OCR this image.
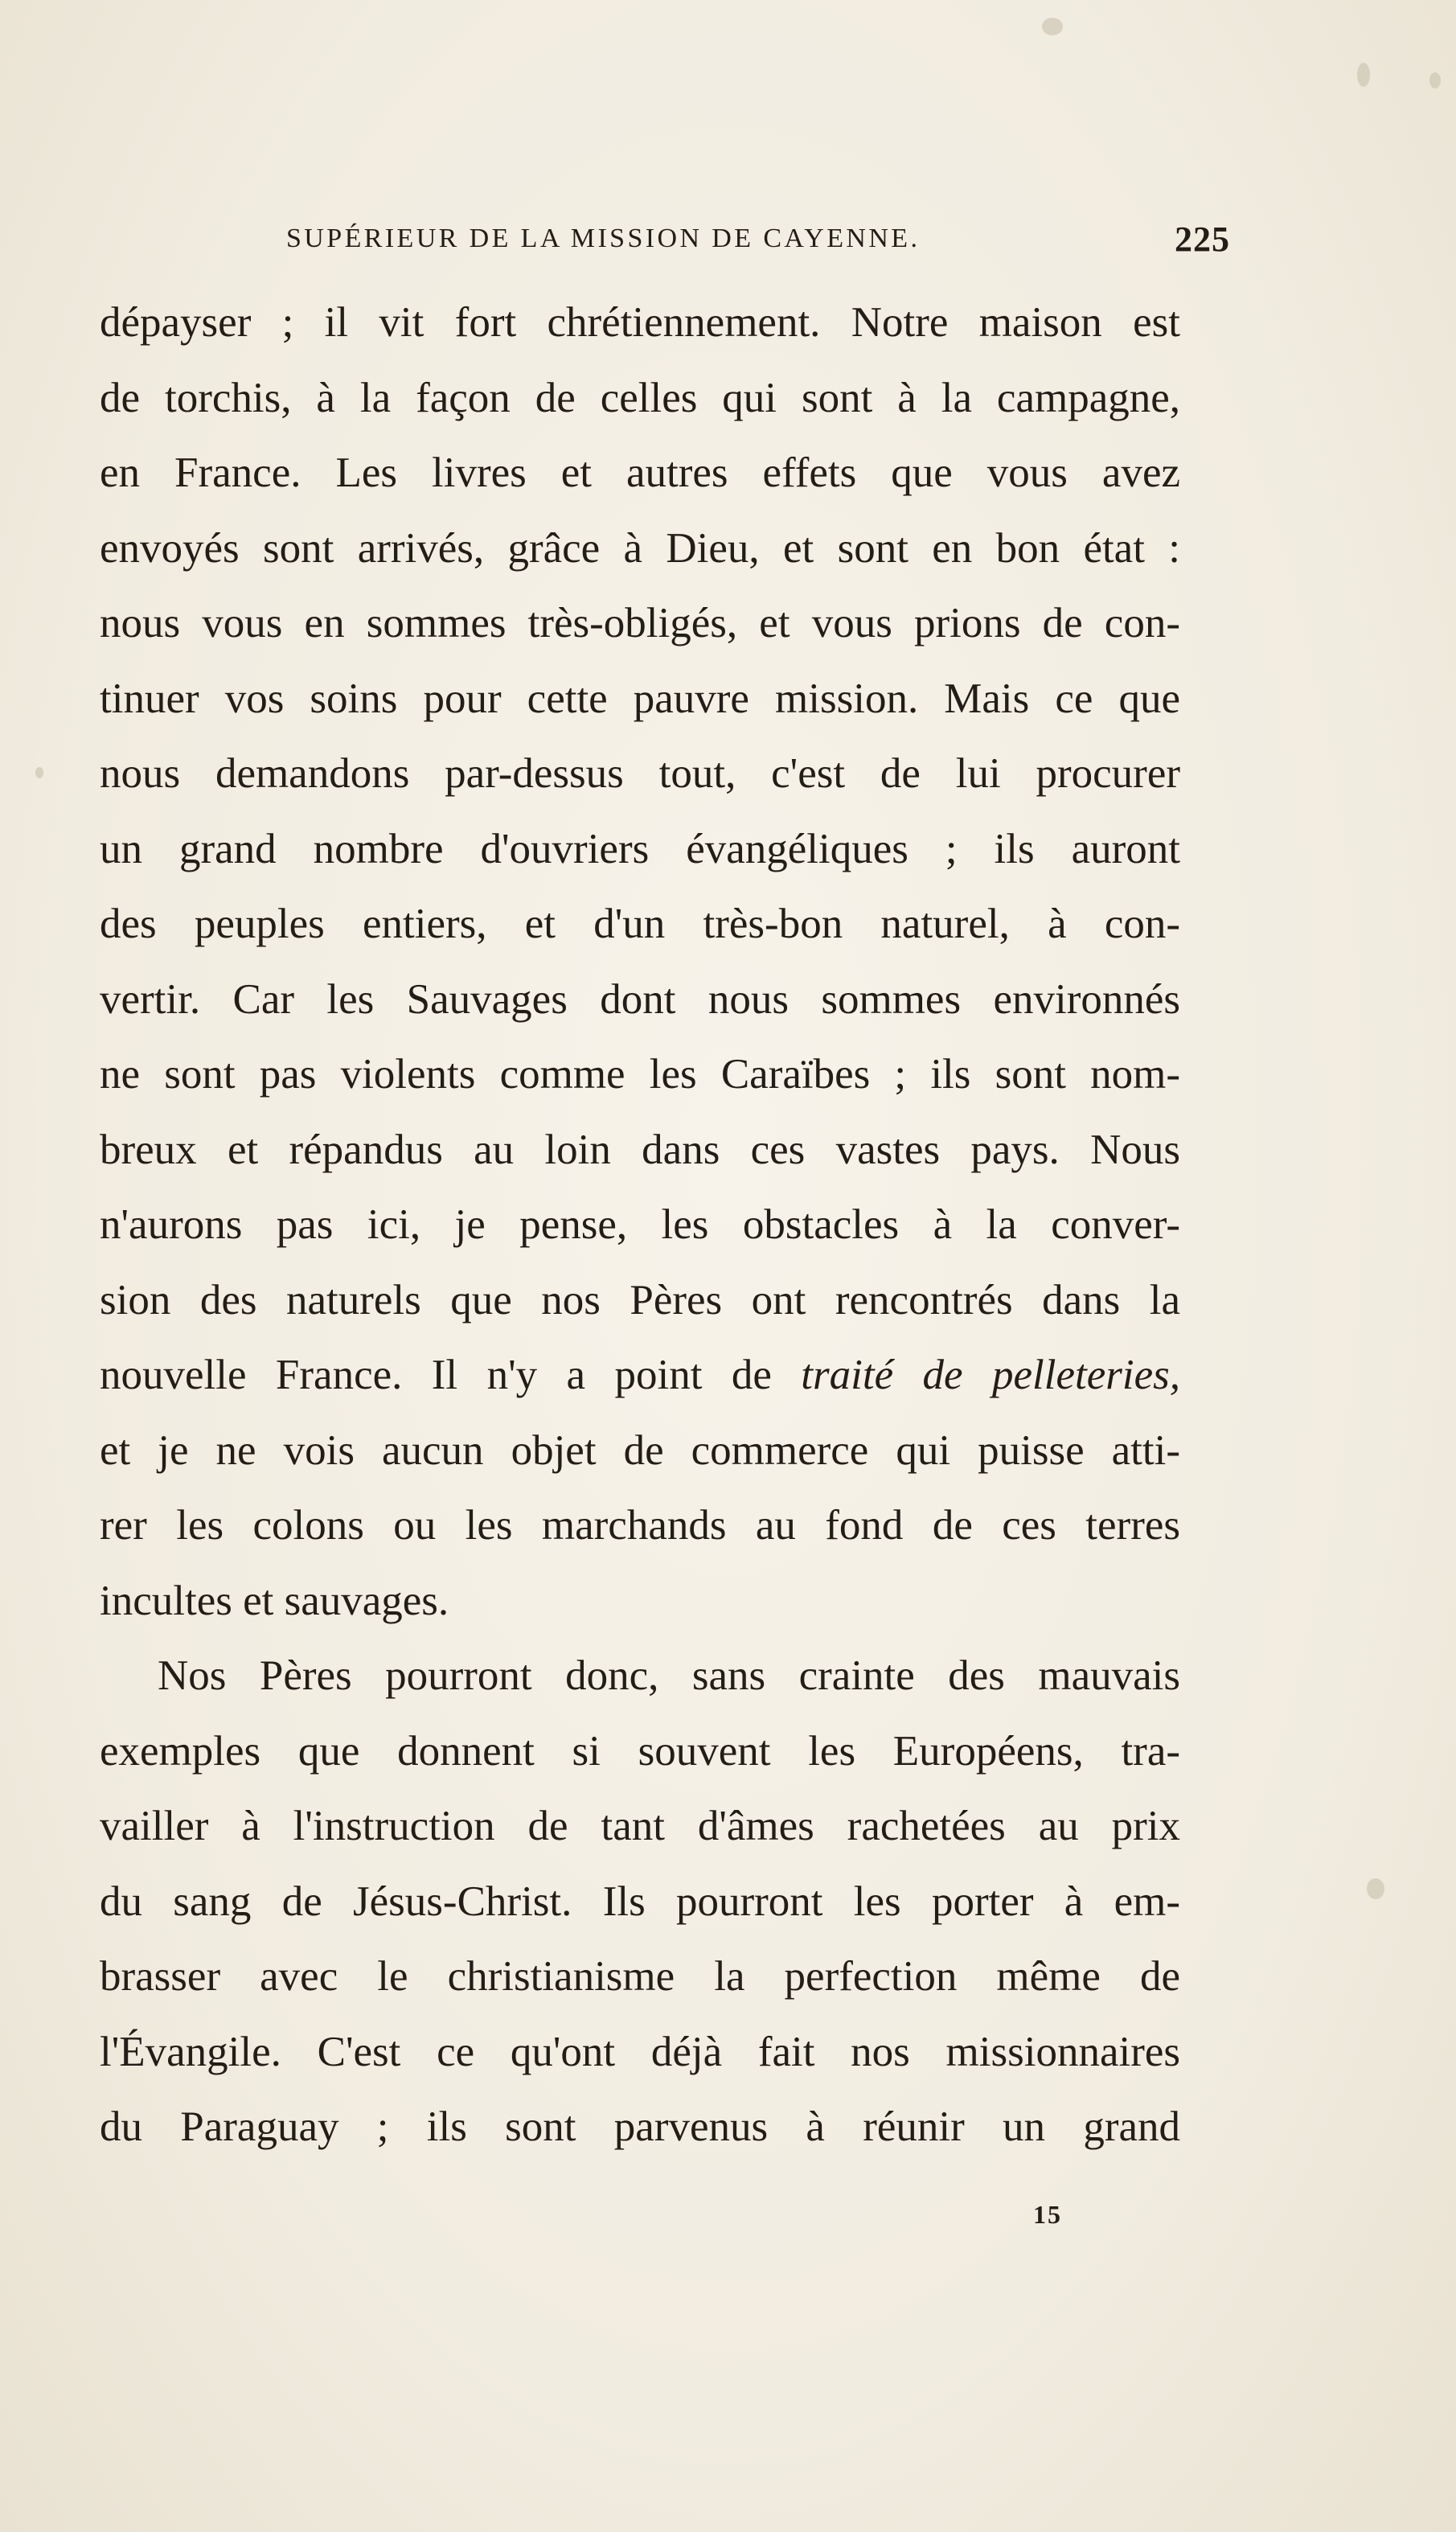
SUPÉRIEUR DE LA MISSION DE CAYENNE.	225
dépayser ; il vit fort chrétiennement. Notre maison est
de torchis, à la façon de celles qui sont à la campagne,
en France. Les livres et autres effets que vous avez
envoyés sont arrivés, grâce à Dieu, et sont en bon état :
nous vous en sommes très-obligés, et vous prions de con-
tinuer vos soins pour cette pauvre mission. Mais ce que
nous demandons par-dessus tout, c'est de lui procurer
un grand nombre d'ouvriers évangéliques ; ils auront
des peuples entiers, et d'un très-bon naturel, à con-
vertir. Car les Sauvages dont nous sommes environnés
ne sont pas violents comme les Caraïbes ; ils sont nom-
breux et répandus au loin dans ces vastes pays. Nous
n'aurons pas ici, je pense, les obstacles à la conver-
sion des naturels que nos Pères ont rencontrés dans la
nouvelle France. Il n'y a point de traité de pelleteries,
et je ne vois aucun objet de commerce qui puisse atti-
rer les colons ou les marchands au fond de ces terres
incultes et sauvages.
Nos Pères pourront donc, sans crainte des mauvais
exemples que donnent si souvent les Européens, tra-
vailler à l'instruction de tant d'âmes rachetées au prix
du sang de Jésus-Christ. Ils pourront les porter à em-
brasser avec le christianisme la perfection même de
l'Évangile. C'est ce qu'ont déjà fait nos missionnaires
du Paraguay ; ils sont parvenus à réunir un grand
15
